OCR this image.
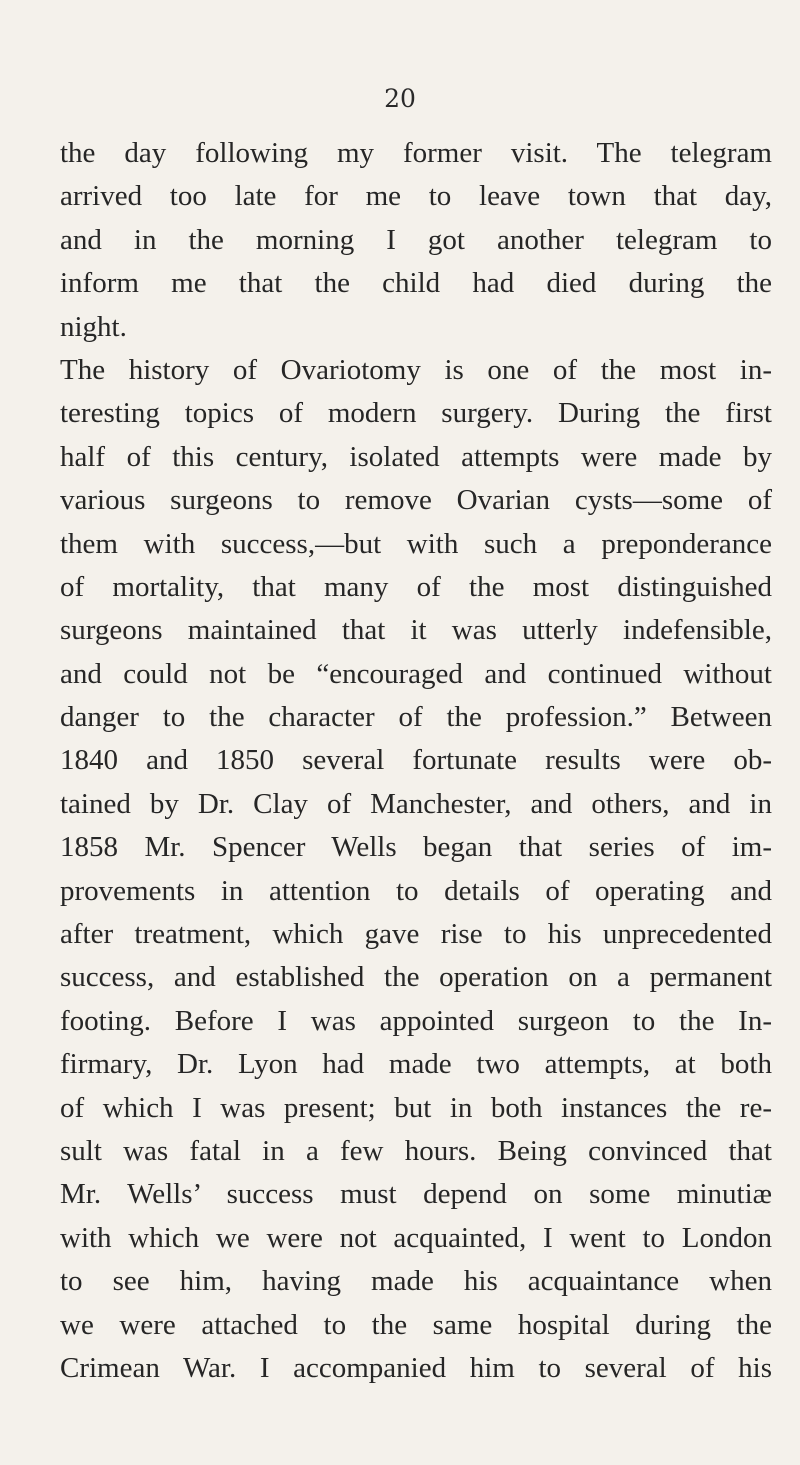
20
the day following my former visit. The telegram
arrived too late for me to leave town that day,
and in the morning I got another telegram to
inform me that the child had died during the
night.
The history of Ovariotomy is one of the most in-
teresting topics of modern surgery. During the first
half of this century, isolated attempts were made by
various surgeons to remove Ovarian cysts—some of
them with success,—but with such a preponderance
of mortality, that many of the most distinguished
surgeons maintained that it was utterly indefensible,
and could not be “encouraged and continued without
danger to the character of the profession.” Between
1840 and 1850 several fortunate results were ob-
tained by Dr. Clay of Manchester, and others, and in
1858 Mr. Spencer Wells began that series of im-
provements in attention to details of operating and
after treatment, which gave rise to his unprecedented
success, and established the operation on a permanent
footing. Before I was appointed surgeon to the In-
firmary, Dr. Lyon had made two attempts, at both
of which I was present; but in both instances the re-
sult was fatal in a few hours. Being convinced that
Mr. Wells’ success must depend on some minutiæ
with which we were not acquainted, I went to London
to see him, having made his acquaintance when
we were attached to the same hospital during the
Crimean War. I accompanied him to several of his
